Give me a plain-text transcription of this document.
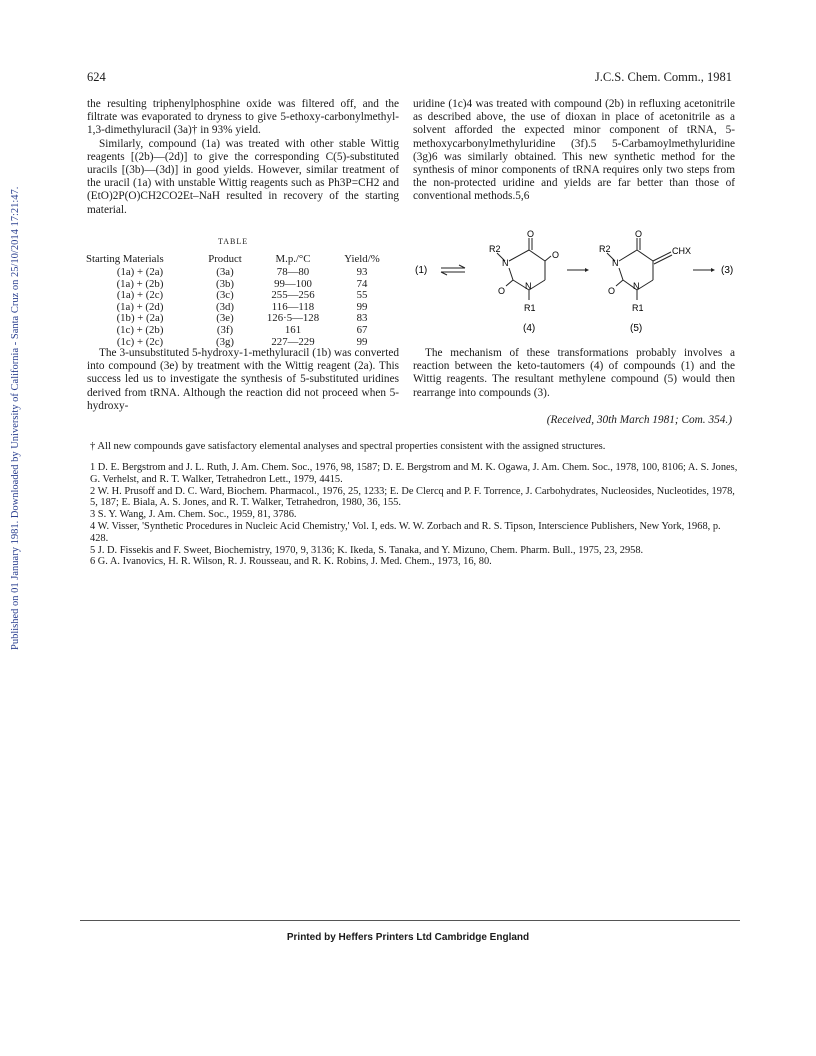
Published on 01 January 1981. Downloaded by University of California - Santa Cruz on 25/10/2014 17:21:47.
624	J.C.S. Chem. Comm., 1981

the resulting triphenylphosphine oxide was filtered off, and the filtrate was evaporated to dryness to give 5-ethoxy-carbonylmethyl-1,3-dimethyluracil (3a)† in 93% yield.

Similarly, compound (1a) was treated with other stable Wittig reagents [(2b)—(2d)] to give the corresponding C(5)-substituted uracils [(3b)—(3d)] in good yields. However, similar treatment of the uracil (1a) with unstable Wittig reagents such as Ph3P=CH2 and (EtO)2P(O)CH2CO2Et–NaH resulted in recovery of the starting material.

TABLE
Starting Materials	Product	M.p./°C	Yield/%
(1a) + (2a)	(3a)	78—80	93
(1a) + (2b)	(3b)	99—100	74
(1a) + (2c)	(3c)	255—256	55
(1a) + (2d)	(3d)	116—118	99
(1b) + (2a)	(3e)	126·5—128	83
(1c) + (2b)	(3f)	161	67
(1c) + (2c)	(3g)	227—229	99

The 3-unsubstituted 5-hydroxy-1-methyluracil (1b) was converted into compound (3e) by treatment with the Wittig reagent (2a). This success led us to investigate the synthesis of 5-substituted uridines derived from tRNA. Although the reaction did not proceed when 5-hydroxy-

uridine (1c)4 was treated with compound (2b) in refluxing acetonitrile as described above, the use of dioxan in place of acetonitrile as a solvent afforded the expected minor component of tRNA, 5-methoxycarbonylmethyluridine (3f).5 5-Carbamoylmethyluridine (3g)6 was similarly obtained. This new synthetic method for the synthesis of minor components of tRNA requires only two steps from the non-protected uridine and yields are far better than those of conventional methods.5,6

(1)
R2
O
O
O
N
N
R1
(4)
R2
O
CHX
O
N
N
R1
(5)
(3)

The mechanism of these transformations probably involves a reaction between the keto-tautomers (4) of compounds (1) and the Wittig reagents. The resultant methylene compound (5) would then rearrange into compounds (3).

(Received, 30th March 1981; Com. 354.)
† All new compounds gave satisfactory elemental analyses and spectral properties consistent with the assigned structures.

1 D. E. Bergstrom and J. L. Ruth, J. Am. Chem. Soc., 1976, 98, 1587; D. E. Bergstrom and M. K. Ogawa, J. Am. Chem. Soc., 1978, 100, 8106; A. S. Jones, G. Verhelst, and R. T. Walker, Tetrahedron Lett., 1979, 4415.

2 W. H. Prusoff and D. C. Ward, Biochem. Pharmacol., 1976, 25, 1233; E. De Clercq and P. F. Torrence, J. Carbohydrates, Nucleosides, Nucleotides, 1978, 5, 187; E. Biala, A. S. Jones, and R. T. Walker, Tetrahedron, 1980, 36, 155.

3 S. Y. Wang, J. Am. Chem. Soc., 1959, 81, 3786.

4 W. Visser, 'Synthetic Procedures in Nucleic Acid Chemistry,' Vol. I, eds. W. W. Zorbach and R. S. Tipson, Interscience Publishers, New York, 1968, p. 428.

5 J. D. Fissekis and F. Sweet, Biochemistry, 1970, 9, 3136; K. Ikeda, S. Tanaka, and Y. Mizuno, Chem. Pharm. Bull., 1975, 23, 2958.

6 G. A. Ivanovics, H. R. Wilson, R. J. Rousseau, and R. K. Robins, J. Med. Chem., 1973, 16, 80.

Printed by Heffers Printers Ltd Cambridge England
